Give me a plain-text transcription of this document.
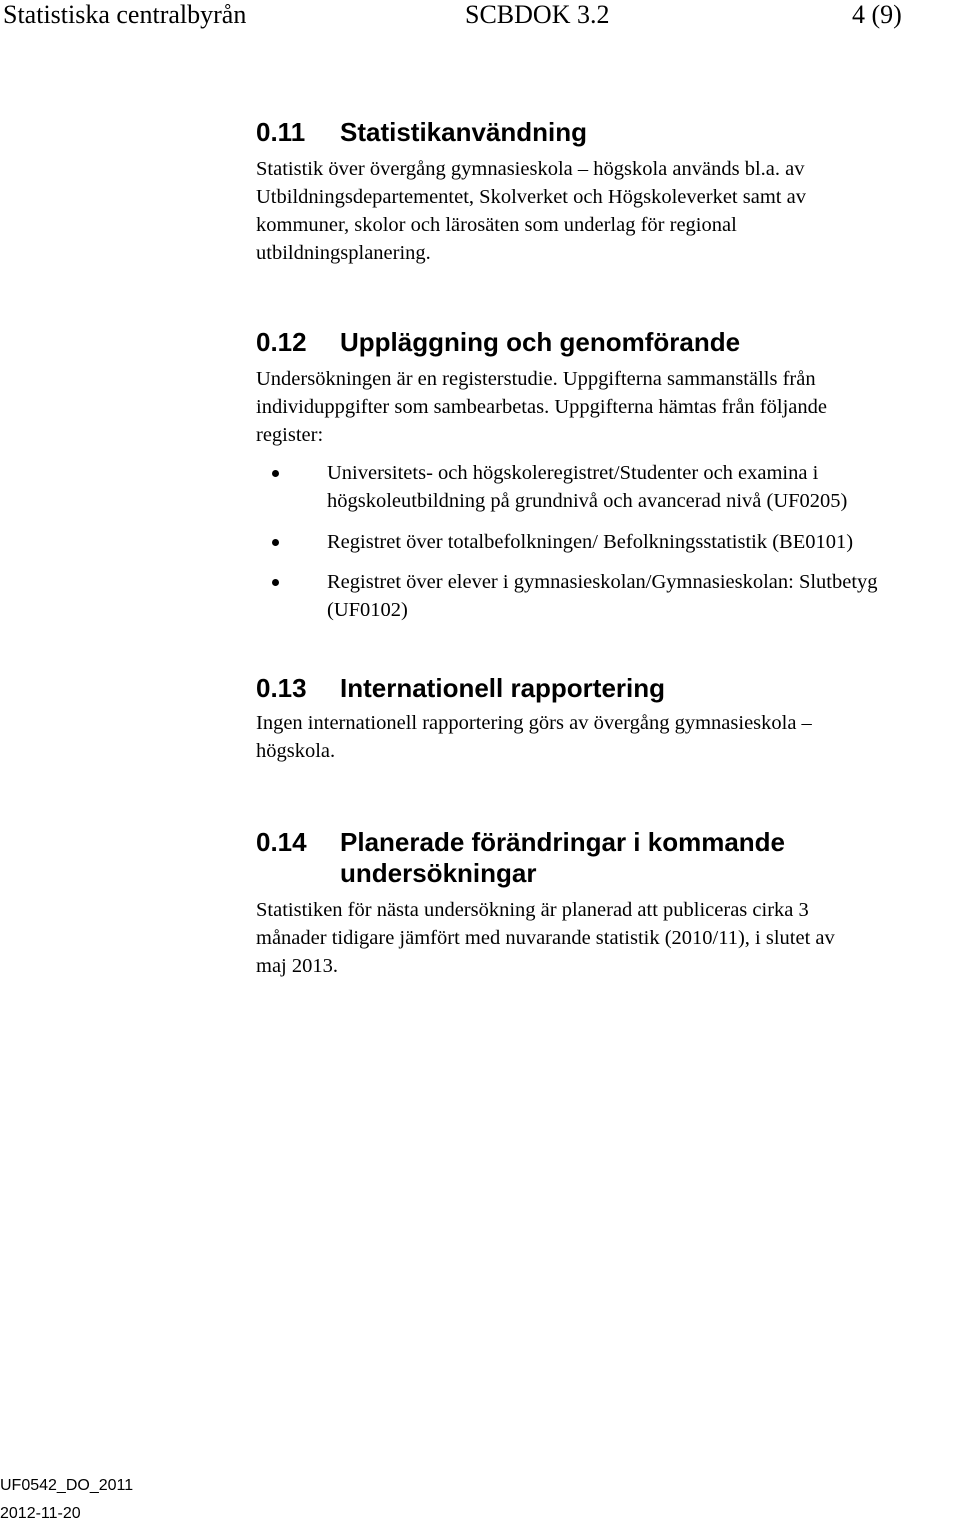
Statistiska centralbyrån	SCBDOK 3.2	4 (9)
0.11 Statistikanvändning

Statistik över övergång gymnasieskola – högskola används bl.a. av
Utbildningsdepartementet, Skolverket och Högskoleverket samt av
kommuner, skolor och lärosäten som underlag för regional
utbildningsplanering.

0.12 Uppläggning och genomförande

Undersökningen är en registerstudie. Uppgifterna sammanställs från
individuppgifter som sambearbetas. Uppgifterna hämtas från följande
register:

Universitets- och högskoleregistret/Studenter och examina i
högskoleutbildning på grundnivå och avancerad nivå (UF0205)
Registret över totalbefolkningen/ Befolkningsstatistik (BE0101)
Registret över elever i gymnasieskolan/Gymnasieskolan: Slutbetyg
(UF0102)
0.13 Internationell rapportering

Ingen internationell rapportering görs av övergång gymnasieskola –
högskola.

0.14 Planerade förändringar i kommande
undersökningar

Statistiken för nästa undersökning är planerad att publiceras cirka 3
månader tidigare jämfört med nuvarande statistik (2010/11), i slutet av
maj 2013.

UF0542_DO_2011
2012-11-20
